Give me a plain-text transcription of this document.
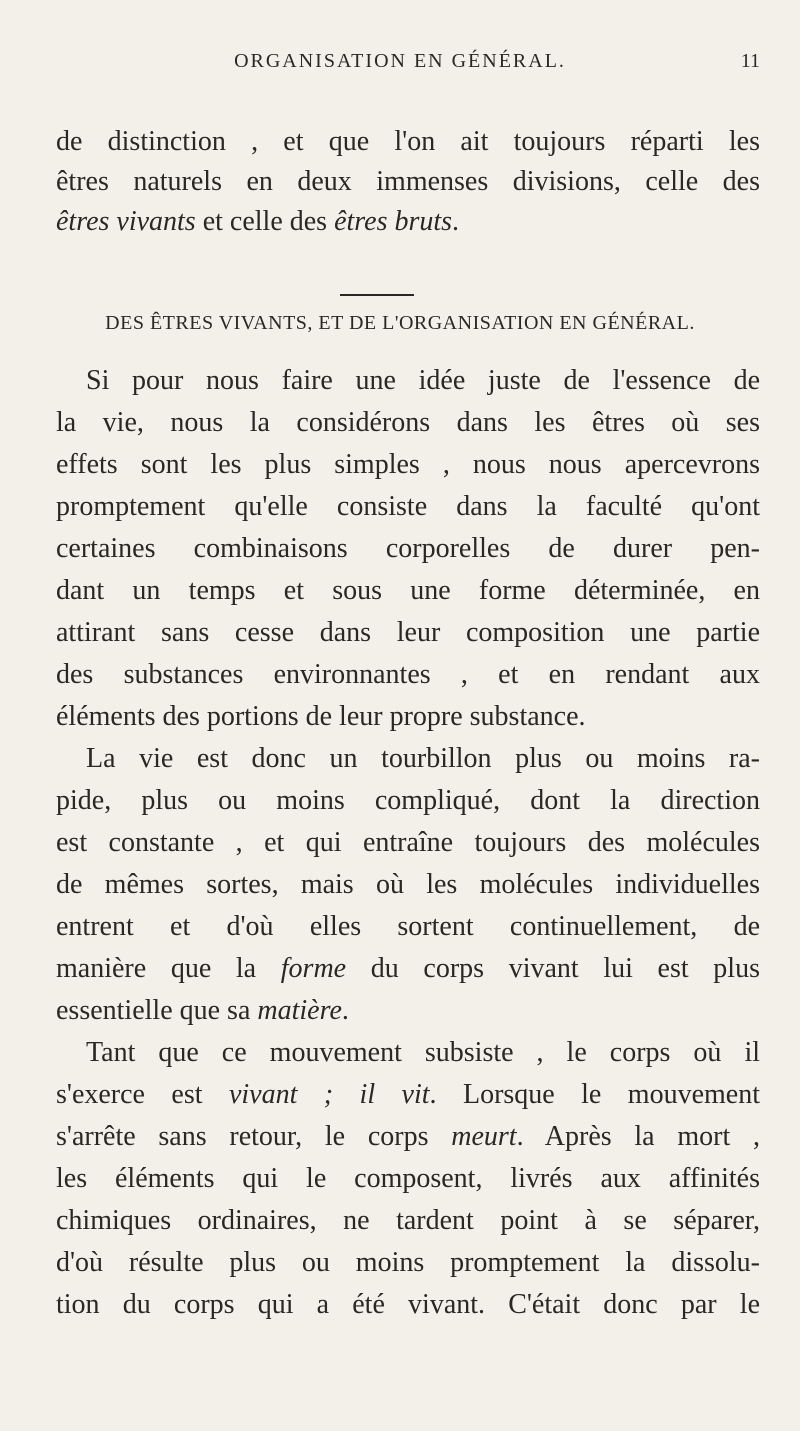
ORGANISATION EN GÉNÉRAL.	11
de distinction , et que l'on ait toujours réparti les
êtres naturels en deux immenses divisions, celle des
êtres vivants et celle des êtres bruts.
DES ÊTRES VIVANTS, ET DE L'ORGANISATION EN GÉNÉRAL.
Si pour nous faire une idée juste de l'essence de
la vie, nous la considérons dans les êtres où ses
effets sont les plus simples , nous nous apercevrons
promptement qu'elle consiste dans la faculté qu'ont
certaines combinaisons corporelles de durer pen-
dant un temps et sous une forme déterminée, en
attirant sans cesse dans leur composition une partie
des substances environnantes , et en rendant aux
éléments des portions de leur propre substance.
La vie est donc un tourbillon plus ou moins ra-
pide, plus ou moins compliqué, dont la direction
est constante , et qui entraîne toujours des molécules
de mêmes sortes, mais où les molécules individuelles
entrent et d'où elles sortent continuellement, de
manière que la forme du corps vivant lui est plus
essentielle que sa matière.
Tant que ce mouvement subsiste , le corps où il
s'exerce est vivant ; il vit. Lorsque le mouvement
s'arrête sans retour, le corps meurt. Après la mort ,
les éléments qui le composent, livrés aux affinités
chimiques ordinaires, ne tardent point à se séparer,
d'où résulte plus ou moins promptement la dissolu-
tion du corps qui a été vivant. C'était donc par le
